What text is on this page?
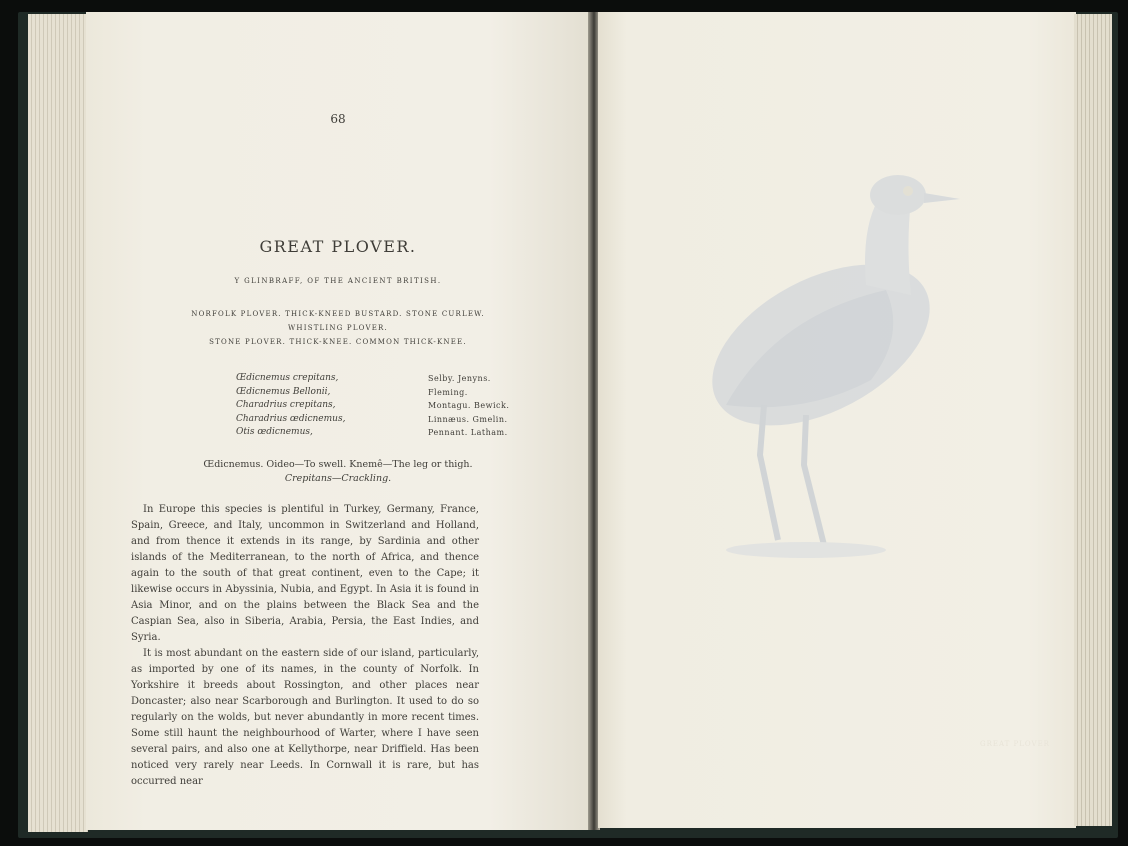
68
GREAT PLOVER.
Y GLINBRAFF, OF THE ANCIENT BRITISH.
NORFOLK PLOVER. THICK-KNEED BUSTARD. STONE CURLEW.
WHISTLING PLOVER.
STONE PLOVER. THICK-KNEE. COMMON THICK-KNEE.
Œdicnemus crepitans,
Œdicnemus Bellonii,
Charadrius crepitans,
Charadrius œdicnemus,
Otis œdicnemus,
Selby. Jenyns.
Fleming.
Montagu. Bewick.
Linnæus. Gmelin.
Pennant. Latham.
Œdicnemus. Oideo—To swell. Knemê—The leg or thigh.
Crepitans—Crackling.

In Europe this species is plentiful in Turkey, Germany, France, Spain, Greece, and Italy, uncommon in Switzerland and Holland, and from thence it extends in its range, by Sardinia and other islands of the Mediterranean, to the north of Africa, and thence again to the south of that great continent, even to the Cape; it likewise occurs in Abyssinia, Nubia, and Egypt. In Asia it is found in Asia Minor, and on the plains between the Black Sea and the Caspian Sea, also in Siberia, Arabia, Persia, the East Indies, and Syria.

It is most abundant on the eastern side of our island, particularly, as imported by one of its names, in the county of Norfolk. In Yorkshire it breeds about Rossington, and other places near Doncaster; also near Scarborough and Burlington. It used to do so regularly on the wolds, but never abundantly in more recent times. Some still haunt the neighbourhood of Warter, where I have seen several pairs, and also one at Kellythorpe, near Driffield. Has been noticed very rarely near Leeds. In Cornwall it is rare, but has occurred near

GREAT PLOVER
